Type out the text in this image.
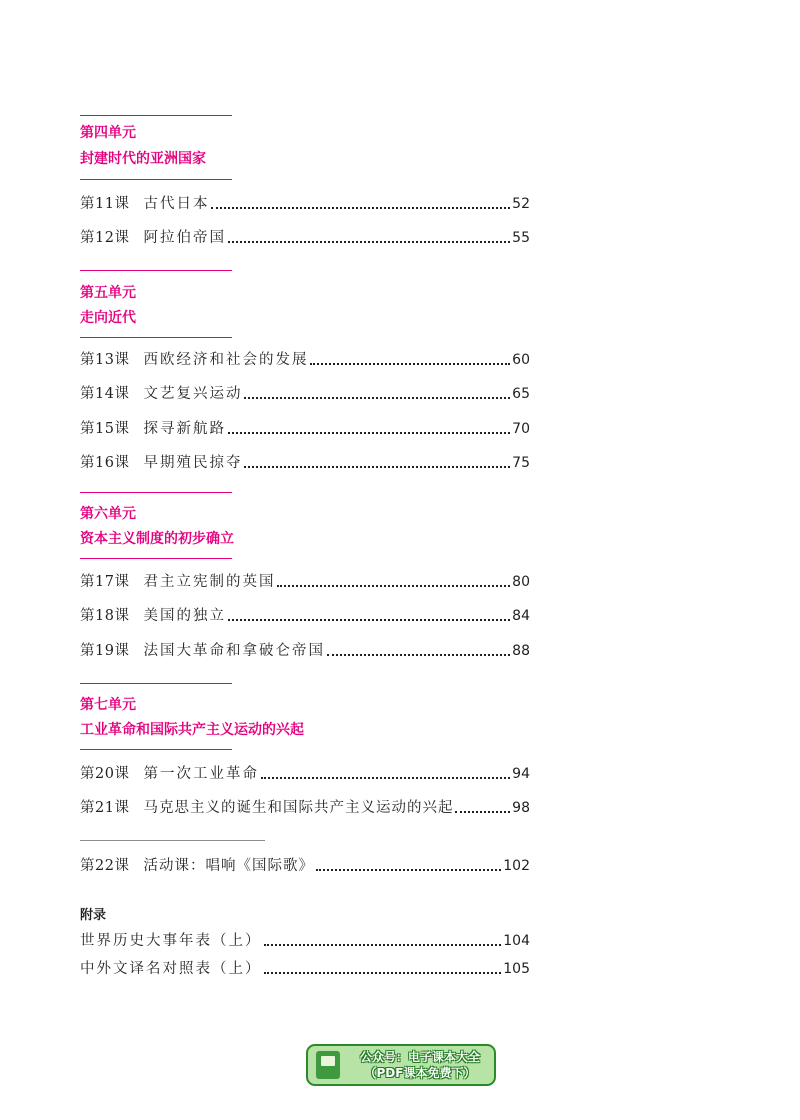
第四单元
封建时代的亚洲国家
第11课 古代日本	52
第12课 阿拉伯帝国	55
第五单元
走向近代
第13课 西欧经济和社会的发展	60
第14课 文艺复兴运动	65
第15课 探寻新航路	70
第16课 早期殖民掠夺	75
第六单元
资本主义制度的初步确立
第17课 君主立宪制的英国	80
第18课 美国的独立	84
第19课 法国大革命和拿破仑帝国	88
第七单元
工业革命和国际共产主义运动的兴起
第20课 第一次工业革命	94
第21课 马克思主义的诞生和国际共产主义运动的兴起	98
第22课 活动课：唱响《国际歌》	102
附录
世界历史大事年表（上）	104
中外文译名对照表（上）	105
公众号：电子课本大全
（PDF课本免费下）
